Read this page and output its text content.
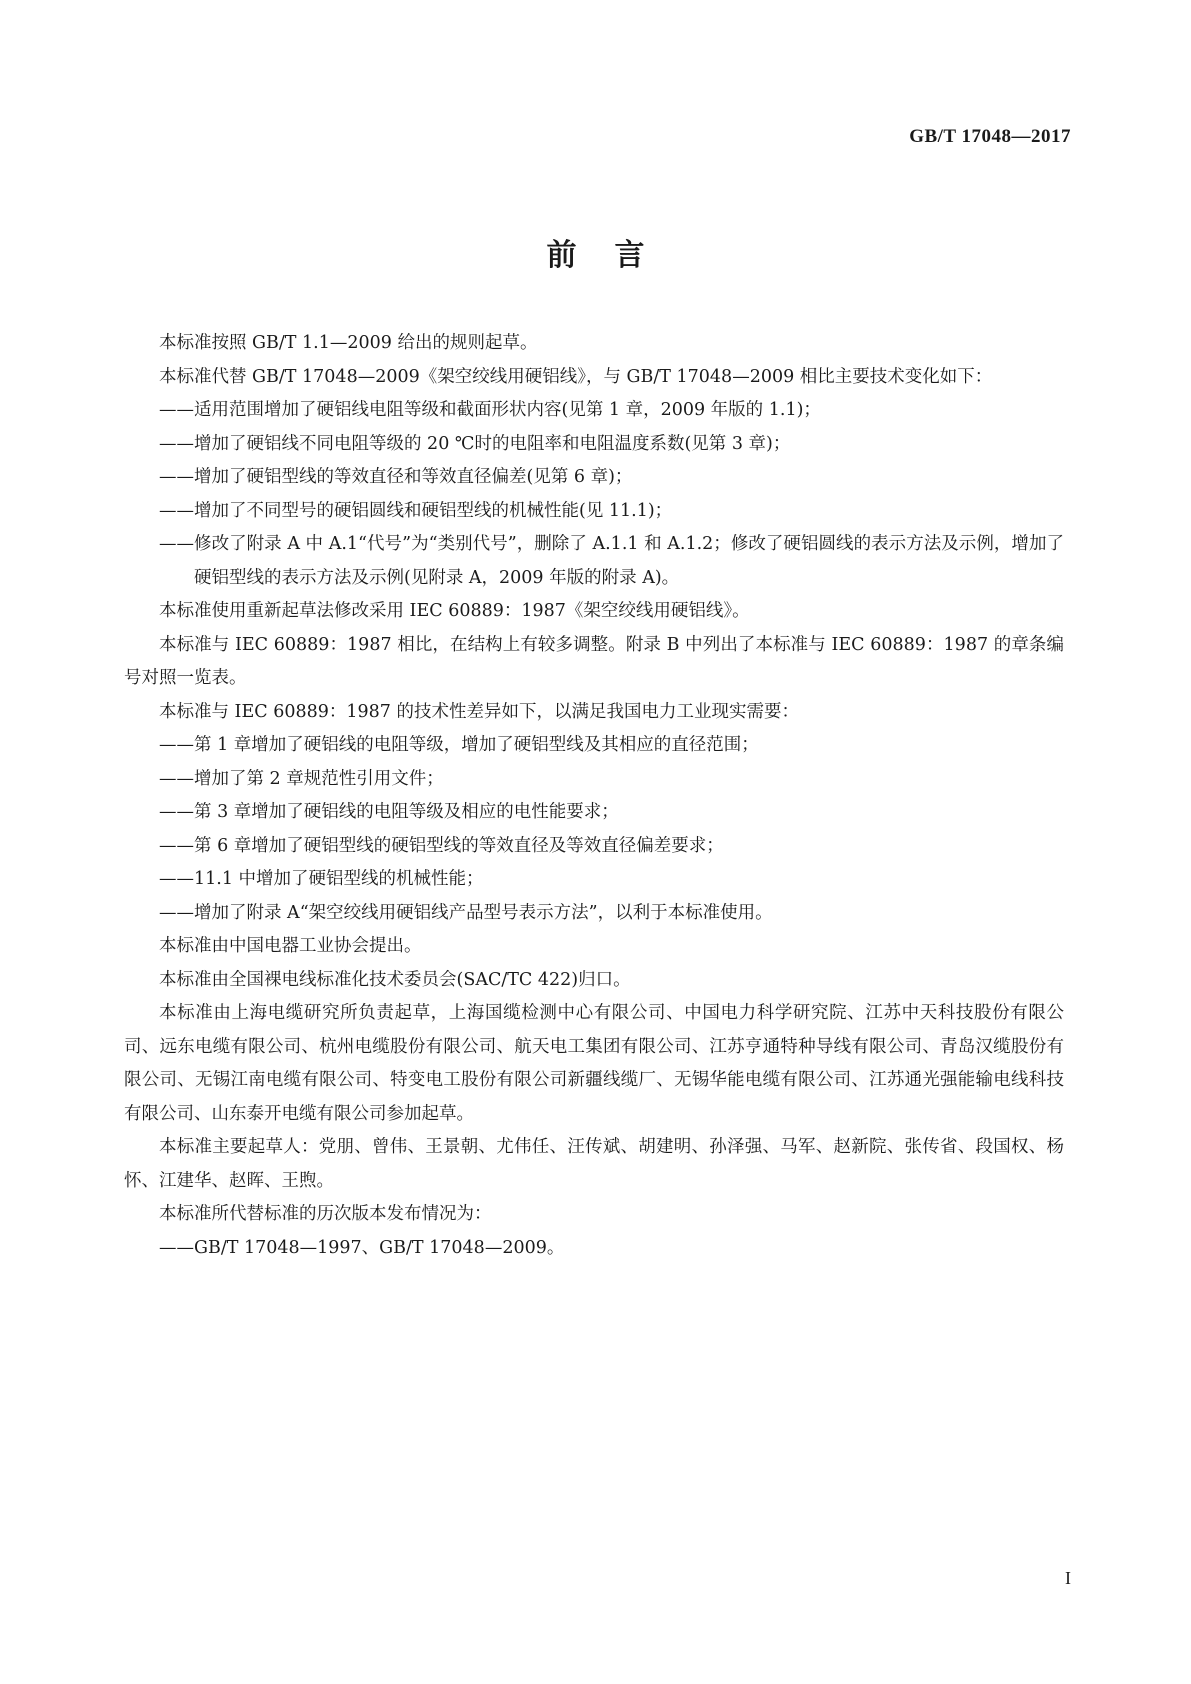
GB/T 17048—2017
前言

本标准按照 GB/T 1.1—2009 给出的规则起草。

本标准代替 GB/T 17048—2009《架空绞线用硬铝线》，与 GB/T 17048—2009 相比主要技术变化如下：

——适用范围增加了硬铝线电阻等级和截面形状内容(见第 1 章，2009 年版的 1.1)；

——增加了硬铝线不同电阻等级的 20 ℃时的电阻率和电阻温度系数(见第 3 章)；

——增加了硬铝型线的等效直径和等效直径偏差(见第 6 章)；

——增加了不同型号的硬铝圆线和硬铝型线的机械性能(见 11.1)；

——修改了附录 A 中 A.1“代号”为“类别代号”，删除了 A.1.1 和 A.1.2；修改了硬铝圆线的表示方法及示例，增加了硬铝型线的表示方法及示例(见附录 A，2009 年版的附录 A)。

本标准使用重新起草法修改采用 IEC 60889：1987《架空绞线用硬铝线》。

本标准与 IEC 60889：1987 相比，在结构上有较多调整。附录 B 中列出了本标准与 IEC 60889：1987 的章条编号对照一览表。

本标准与 IEC 60889：1987 的技术性差异如下，以满足我国电力工业现实需要：

——第 1 章增加了硬铝线的电阻等级，增加了硬铝型线及其相应的直径范围；

——增加了第 2 章规范性引用文件；

——第 3 章增加了硬铝线的电阻等级及相应的电性能要求；

——第 6 章增加了硬铝型线的硬铝型线的等效直径及等效直径偏差要求；

——11.1 中增加了硬铝型线的机械性能；

——增加了附录 A“架空绞线用硬铝线产品型号表示方法”，以利于本标准使用。

本标准由中国电器工业协会提出。

本标准由全国裸电线标准化技术委员会(SAC/TC 422)归口。

本标准由上海电缆研究所负责起草，上海国缆检测中心有限公司、中国电力科学研究院、江苏中天科技股份有限公司、远东电缆有限公司、杭州电缆股份有限公司、航天电工集团有限公司、江苏亨通特种导线有限公司、青岛汉缆股份有限公司、无锡江南电缆有限公司、特变电工股份有限公司新疆线缆厂、无锡华能电缆有限公司、江苏通光强能输电线科技有限公司、山东泰开电缆有限公司参加起草。

本标准主要起草人：党朋、曾伟、王景朝、尤伟任、汪传斌、胡建明、孙泽强、马军、赵新院、张传省、段国权、杨怀、江建华、赵晖、王煦。

本标准所代替标准的历次版本发布情况为：

——GB/T 17048—1997、GB/T 17048—2009。

I
